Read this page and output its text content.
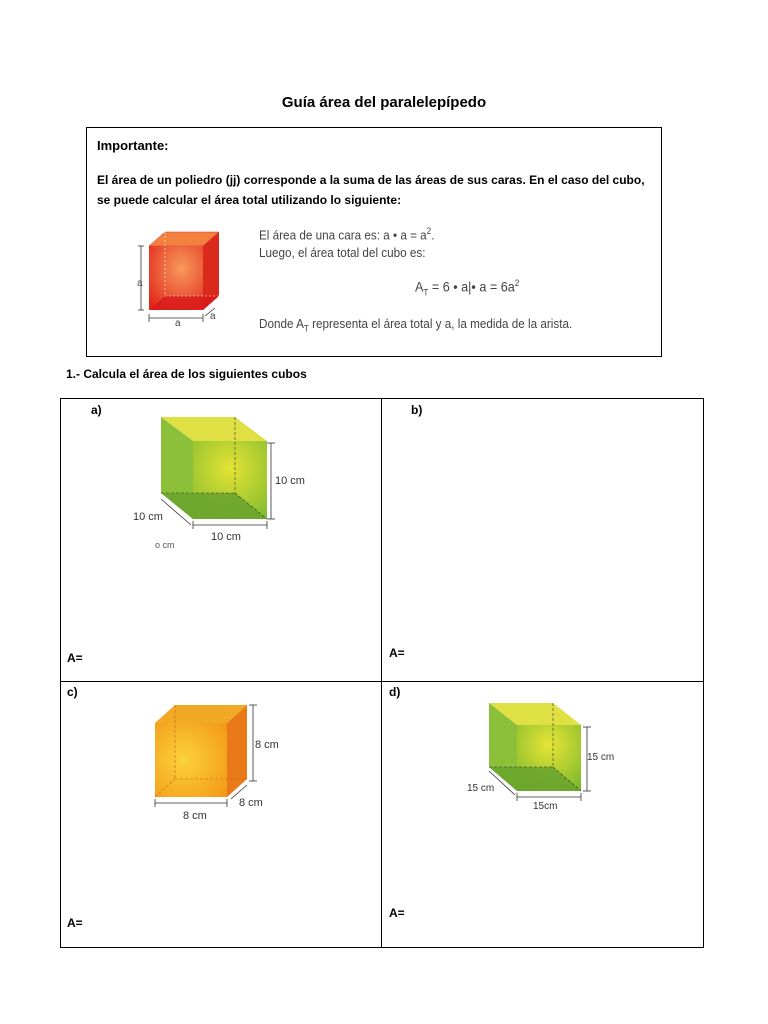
Guía área del paralelepípedo
Importante:
El área de un poliedro (jj) corresponde a la suma de las áreas de sus caras. En el caso del cubo, se puede calcular el área total utilizando lo siguiente:
a
a
a
El área de una cara es: a • $a = a^2$.
Luego, el área total del cubo es:
$A_T = 6$ • a|• $a = 6a^2$
Donde $A_T$ representa el área total y a, la medida de la arista.
1.- Calcula el área de los siguientes cubos
a)
10 cm
10 cm
10 cm
o cm
A=
b)
A=
c)
8 cm
8 cm
8 cm
A=
d)
15 cm
15 cm
15cm
A=
